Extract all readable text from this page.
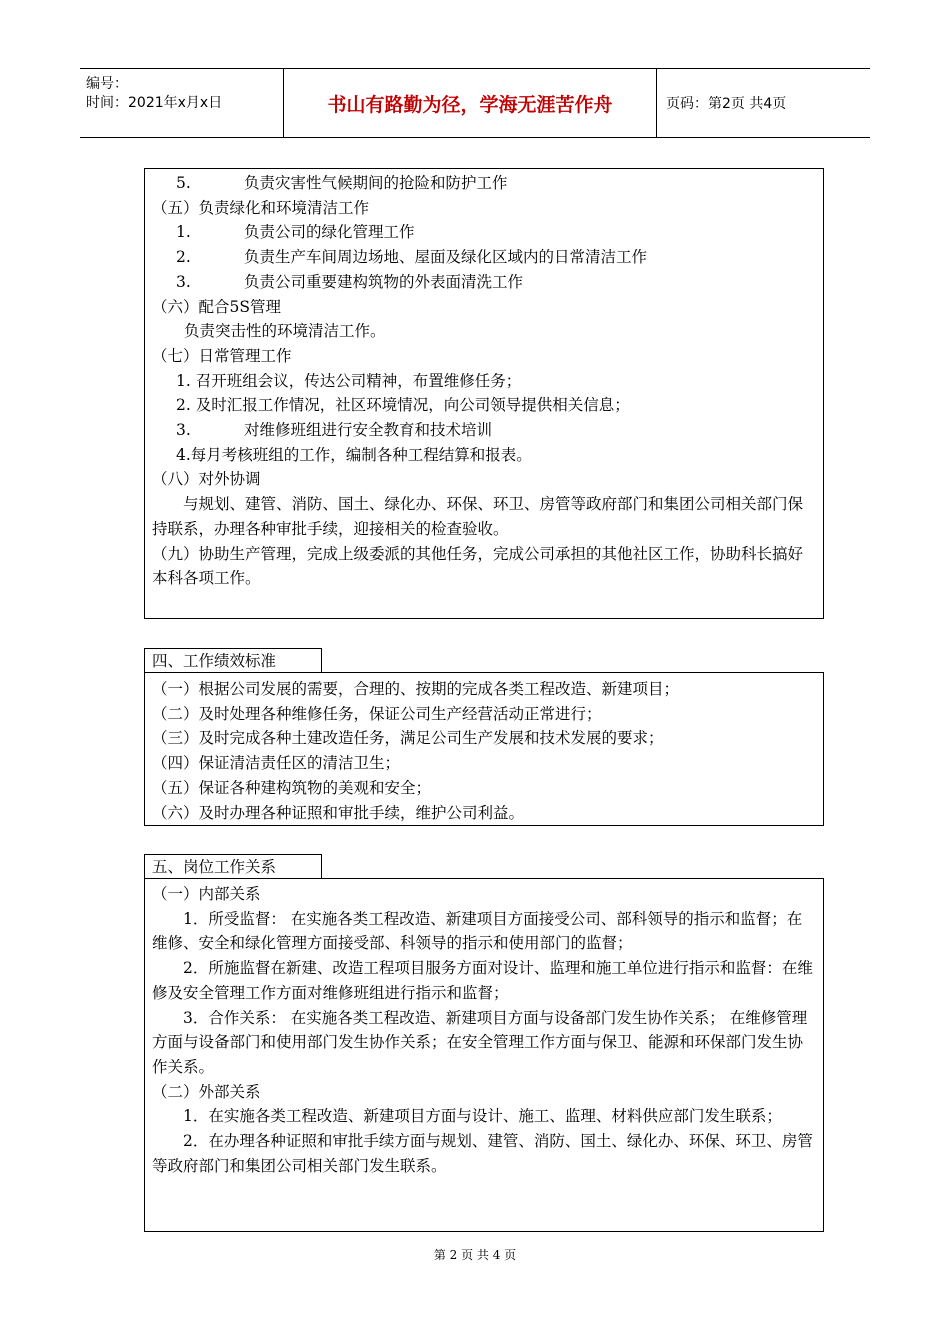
编号：
时间：2021年x月x日	书山有路勤为径，学海无涯苦作舟	页码：第2页 共4页

5.	负责灾害性气候期间的抢险和防护工作

（五）负责绿化和环境清洁工作

1.	负责公司的绿化管理工作

2.	负责生产车间周边场地、屋面及绿化区域内的日常清洁工作

3.	负责公司重要建构筑物的外表面清洗工作

（六）配合5S管理

负责突击性的环境清洁工作。

（七）日常管理工作

1. 召开班组会议，传达公司精神，布置维修任务；

2. 及时汇报工作情况，社区环境情况，向公司领导提供相关信息；

3.	对维修班组进行安全教育和技术培训

4.每月考核班组的工作，编制各种工程结算和报表。

（八）对外协调

与规划、建管、消防、国土、绿化办、环保、环卫、房管等政府部门和集团公司相关部门保持联系，办理各种审批手续，迎接相关的检查验收。

（九）协助生产管理，完成上级委派的其他任务，完成公司承担的其他社区工作，协助科长搞好本科各项工作。

四、工作绩效标准

（一）根据公司发展的需要，合理的、按期的完成各类工程改造、新建项目；

（二）及时处理各种维修任务，保证公司生产经营活动正常进行；

（三）及时完成各种土建改造任务，满足公司生产发展和技术发展的要求；

（四）保证清洁责任区的清洁卫生；

（五）保证各种建构筑物的美观和安全；

（六）及时办理各种证照和审批手续，维护公司利益。

五、岗位工作关系

（一）内部关系

1．所受监督： 在实施各类工程改造、新建项目方面接受公司、部科领导的指示和监督；在维修、安全和绿化管理方面接受部、科领导的指示和使用部门的监督；

2．所施监督在新建、改造工程项目服务方面对设计、监理和施工单位进行指示和监督：在维修及安全管理工作方面对维修班组进行指示和监督；

3．合作关系： 在实施各类工程改造、新建项目方面与设备部门发生协作关系； 在维修管理方面与设备部门和使用部门发生协作关系；在安全管理工作方面与保卫、能源和环保部门发生协作关系。

（二）外部关系

1．在实施各类工程改造、新建项目方面与设计、施工、监理、材料供应部门发生联系；

2．在办理各种证照和审批手续方面与规划、建管、消防、国土、绿化办、环保、环卫、房管等政府部门和集团公司相关部门发生联系。

第 2 页 共 4 页
